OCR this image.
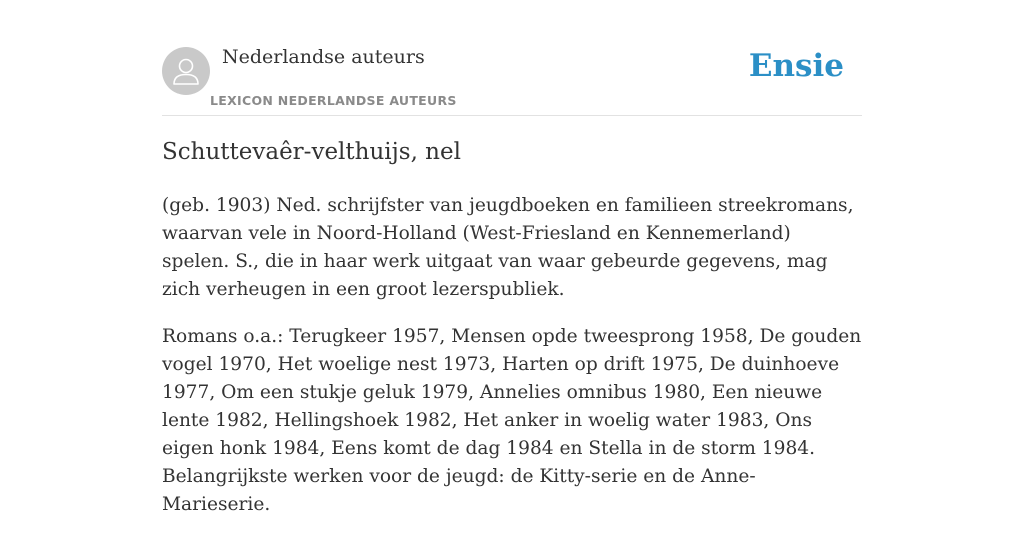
Nederlandse auteurs
LEXICON NEDERLANDSE AUTEURS
Ensie
Schuttevaêr-velthuijs, nel

(geb. 1903) Ned. schrijfster van jeugdboeken en familieen streekromans, waarvan vele in Noord-Holland (West-Friesland en Kennemerland) spelen. S., die in haar werk uitgaat van waar gebeurde gegevens, mag zich verheugen in een groot lezerspubliek.

Romans o.a.: Terugkeer 1957, Mensen opde tweesprong 1958, De gouden vogel 1970, Het woelige nest 1973, Harten op drift 1975, De duinhoeve 1977, Om een stukje geluk 1979, Annelies omnibus 1980, Een nieuwe lente 1982, Hellingshoek 1982, Het anker in woelig water 1983, Ons eigen honk 1984, Eens komt de dag 1984 en Stella in de storm 1984. Belangrijkste werken voor de jeugd: de Kitty-serie en de Anne-Marieserie.
